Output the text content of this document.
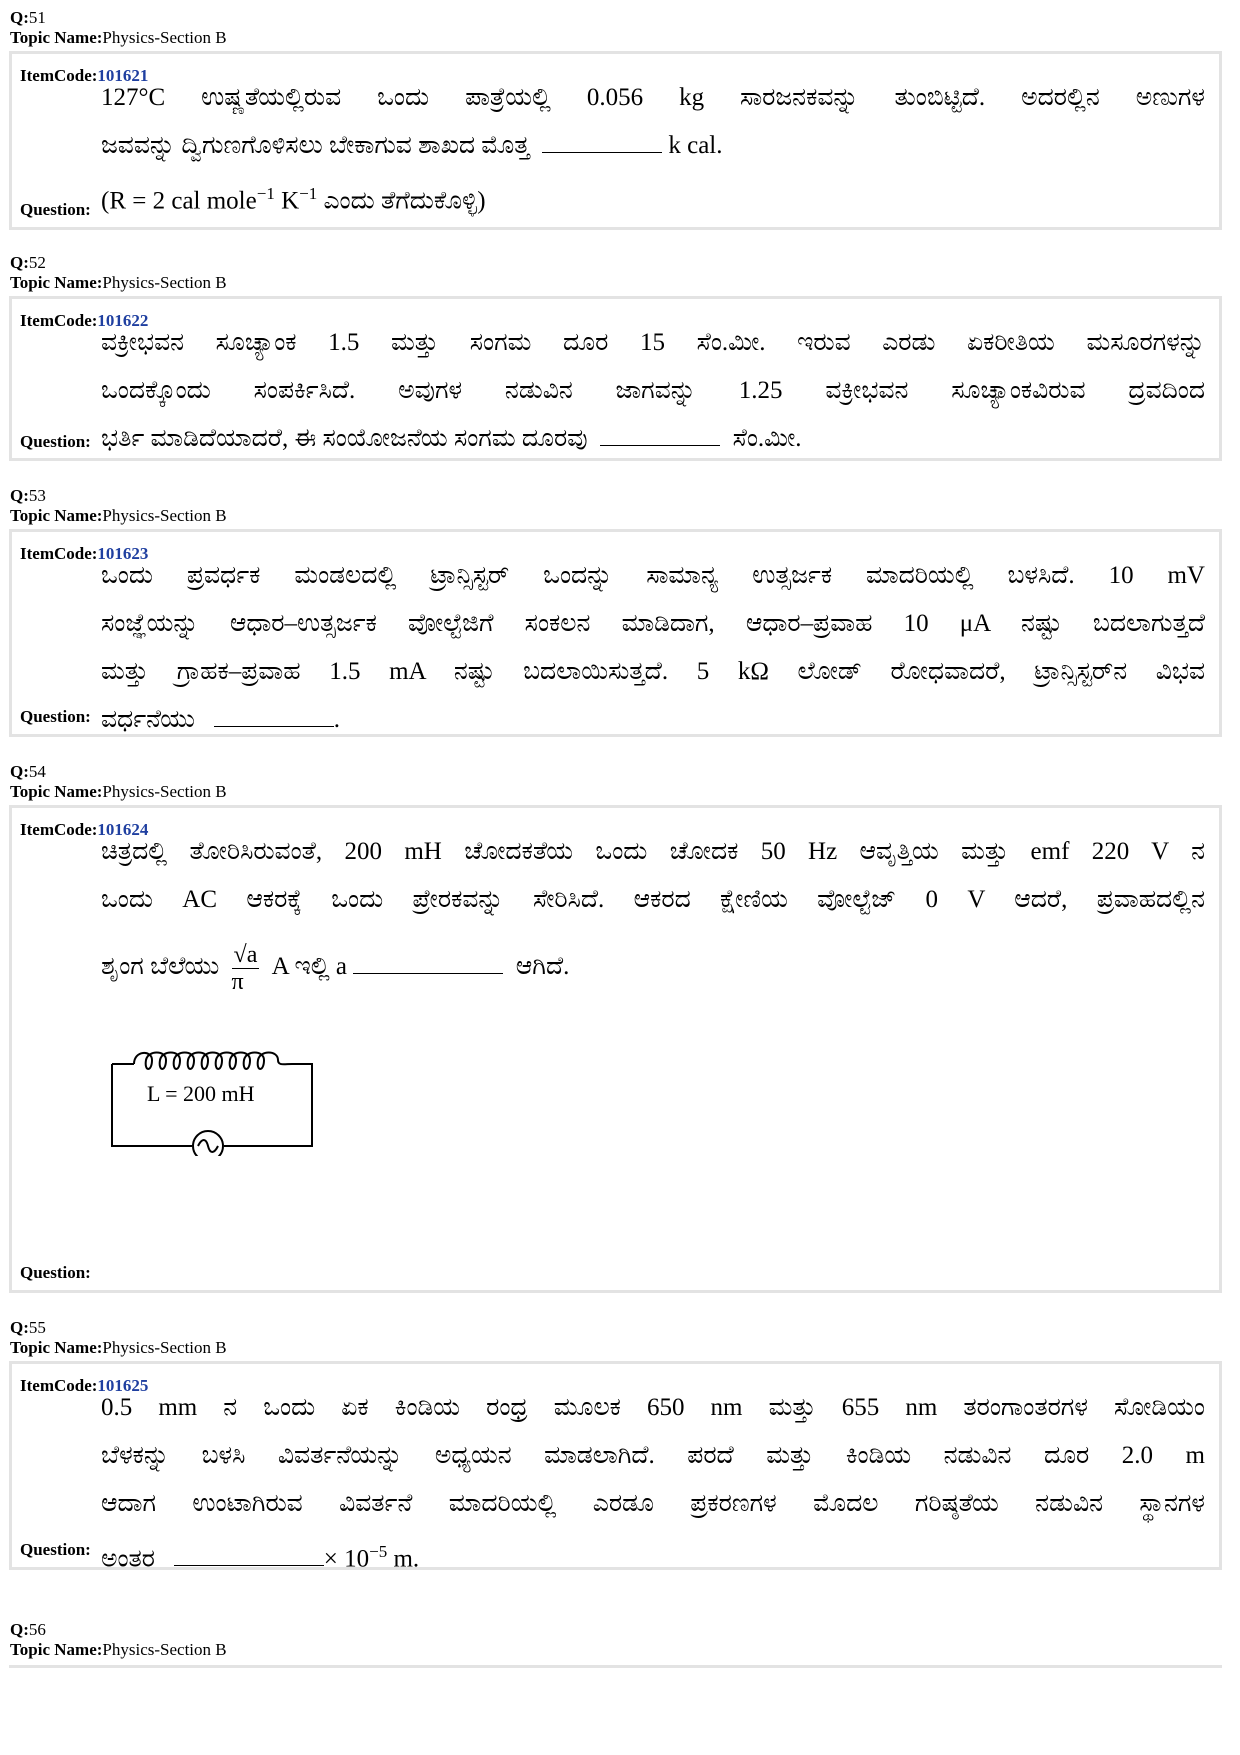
Q:51
Topic Name:Physics-Section B
ItemCode:101621
127°C ಉಷ್ಣತೆಯಲ್ಲಿರುವ ಒಂದು ಪಾತ್ರೆಯಲ್ಲಿ 0.056 kg ಸಾರಜನಕವನ್ನು ತುಂಬಿಟ್ಟಿದೆ. ಅದರಲ್ಲಿನ ಅಣುಗಳ
ಜವವನ್ನು ದ್ವಿಗುಣಗೊಳಿಸಲು ಬೇಕಾಗುವ ಶಾಖದ ಮೊತ್ತ	k cal.
(R = 2 cal mole$^{-1}$ $K^{-1}$ ಎಂದು ತೆಗೆದುಕೊಳ್ಳಿ)
Question:
Q:52
Topic Name:Physics-Section B
ItemCode:101622
ವಕ್ರೀಭವನ ಸೂಚ್ಯಾಂಕ 1.5 ಮತ್ತು ಸಂಗಮ ದೂರ 15 ಸೆಂ.ಮೀ. ಇರುವ ಎರಡು ಏಕರೀತಿಯ ಮಸೂರಗಳನ್ನು
ಒಂದಕ್ಕೊಂದು ಸಂಪರ್ಕಿಸಿದೆ. ಅವುಗಳ ನಡುವಿನ ಜಾಗವನ್ನು 1.25 ವಕ್ರೀಭವನ ಸೂಚ್ಯಾಂಕವಿರುವ ದ್ರವದಿಂದ
ಭರ್ತಿ ಮಾಡಿದೆಯಾದರೆ, ಈ ಸಂಯೋಜನೆಯ ಸಂಗಮ ದೂರವು	ಸೆಂ.ಮೀ.
Question:
Q:53
Topic Name:Physics-Section B
ItemCode:101623
ಒಂದು ಪ್ರವರ್ಧಕ ಮಂಡಲದಲ್ಲಿ ಟ್ರಾನ್ಸಿಸ್ಟರ್ ಒಂದನ್ನು ಸಾಮಾನ್ಯ ಉತ್ಸರ್ಜಕ ಮಾದರಿಯಲ್ಲಿ ಬಳಸಿದೆ. 10 mV
ಸಂಜ್ಞೆಯನ್ನು ಆಧಾರ–ಉತ್ಸರ್ಜಕ ವೋಲ್ಟೆಜಿಗೆ ಸಂಕಲನ ಮಾಡಿದಾಗ, ಆಧಾರ–ಪ್ರವಾಹ 10 μA ನಷ್ಟು ಬದಲಾಗುತ್ತದೆ
ಮತ್ತು ಗ್ರಾಹಕ–ಪ್ರವಾಹ 1.5 mA ನಷ್ಟು ಬದಲಾಯಿಸುತ್ತದೆ. 5 kΩ ಲೋಡ್ ರೋಧವಾದರೆ, ಟ್ರಾನ್ಸಿಸ್ಟರ್‌ನ ವಿಭವ
ವರ್ಧನೆಯು	.
Question:
Q:54
Topic Name:Physics-Section B
ItemCode:101624
ಚಿತ್ರದಲ್ಲಿ ತೋರಿಸಿರುವಂತೆ, 200 mH ಚೋದಕತೆಯ ಒಂದು ಚೋದಕ 50 Hz ಆವೃತ್ತಿಯ ಮತ್ತು emf 220 V ನ
ಒಂದು AC ಆಕರಕ್ಕೆ ಒಂದು ಪ್ರೇರಕವನ್ನು ಸೇರಿಸಿದೆ. ಆಕರದ ಕ್ಷೇಣಿಯ ವೋಲ್ಟೆಜ್ 0 V ಆದರೆ, ಪ್ರವಾಹದಲ್ಲಿನ
ಶೃಂಗ ಬೆಲೆಯು $\frac{√a}{\pi}$ A ಇಲ್ಲಿ a	ಆಗಿದೆ.
L = 200 mH
Question:
Q:55
Topic Name:Physics-Section B
ItemCode:101625
0.5 mm ನ ಒಂದು ಏಕ ಕಿಂಡಿಯ ರಂಧ್ರ ಮೂಲಕ 650 nm ಮತ್ತು 655 nm ತರಂಗಾಂತರಗಳ ಸೋಡಿಯಂ
ಬೆಳಕನ್ನು ಬಳಸಿ ವಿವರ್ತನೆಯನ್ನು ಅಧ್ಯಯನ ಮಾಡಲಾಗಿದೆ. ಪರದೆ ಮತ್ತು ಕಿಂಡಿಯ ನಡುವಿನ ದೂರ 2.0 m
ಆದಾಗ ಉಂಟಾಗಿರುವ ವಿವರ್ತನೆ ಮಾದರಿಯಲ್ಲಿ ಎರಡೂ ಪ್ರಕರಣಗಳ ಮೊದಲ ಗರಿಷ್ಠತೆಯ ನಡುವಿನ ಸ್ಥಾನಗಳ
ಅಂತರ	× $10^{-5}$ m.
Question:
Q:56
Topic Name:Physics-Section B
